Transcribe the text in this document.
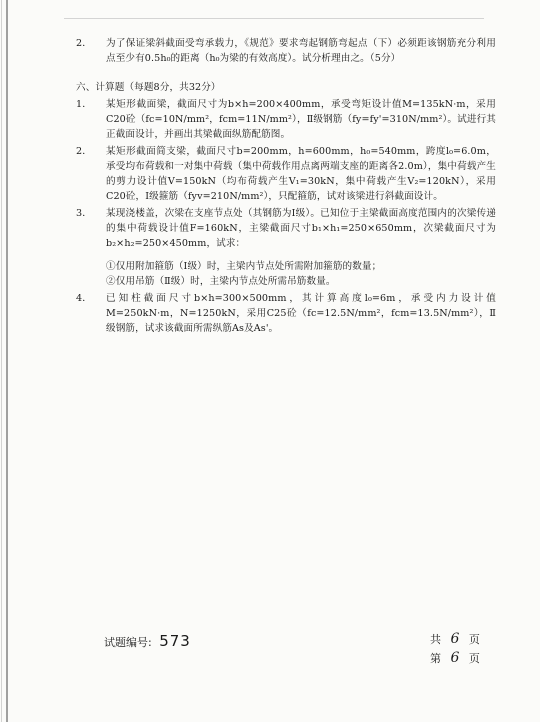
2． 为了保证梁斜截面受弯承载力，《规范》要求弯起钢筋弯起点（下）必须距该钢筋充分利用点至少有0.5h₀的距离（h₀为梁的有效高度）。试分析理由之。（5分）
六、计算题（每题8分，共32分）
1． 某矩形截面梁，截面尺寸为b×h=200×400mm，承受弯矩设计值M=135kN·m，采用C20砼（fc=10N/mm²，fcm=11N/mm²），Ⅱ级钢筋（fy=fy'=310N/mm²）。试进行其正截面设计，并画出其梁截面纵筋配筋图。
2． 某矩形截面简支梁，截面尺寸b=200mm，h=600mm，h₀=540mm，跨度l₀=6.0m，承受均布荷载和一对集中荷载（集中荷载作用点离两端支座的距离各2.0m），集中荷载产生的剪力设计值V=150kN（均布荷载产生V₁=30kN，集中荷载产生V₂=120kN），采用C20砼，Ⅰ级箍筋（fyv=210N/mm²），只配箍筋，试对该梁进行斜截面设计。
3． 某现浇楼盖，次梁在支座节点处（其钢筋为Ⅰ级）。已知位于主梁截面高度范围内的次梁传递的集中荷载设计值F=160kN，主梁截面尺寸b₁×h₁=250×650mm，次梁截面尺寸为b₂×h₂=250×450mm，试求：
①仅用附加箍筋（Ⅰ级）时，主梁内节点处所需附加箍筋的数量；
②仅用吊筋（Ⅱ级）时，主梁内节点处所需吊筋数量。
4． 已知柱截面尺寸b×h=300×500mm，其计算高度l₀=6m，承受内力设计值M=250kN·m，N=1250kN，采用C25砼（fc=12.5N/mm²，fcm=13.5N/mm²），Ⅱ级钢筋，试求该截面所需纵筋As及As'。
试题编号: 573	共 6 页
第 6 页
